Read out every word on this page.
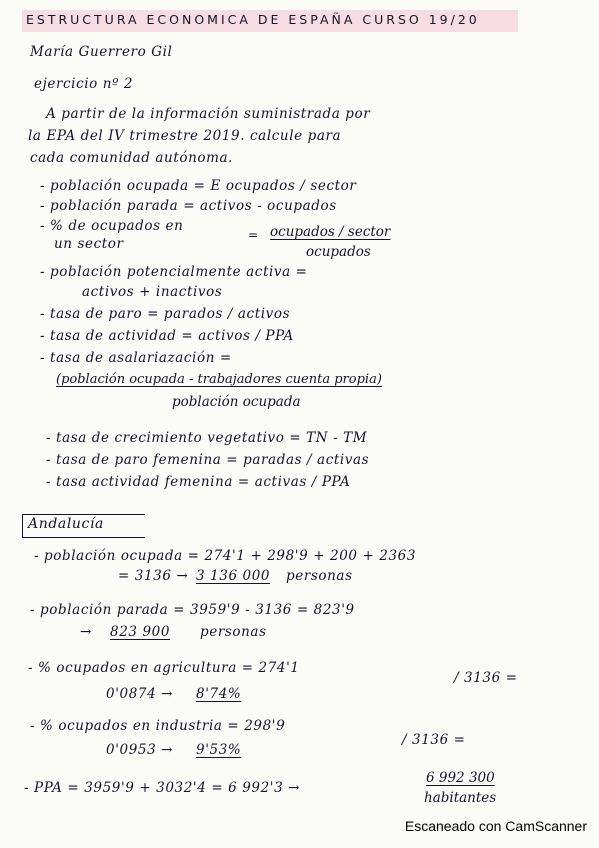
ESTRUCTURA ECONOMICA DE ESPAÑA CURSO 19/20
María Guerrero Gil
ejercicio nº 2
A partir de la información suministrada por
la EPA del IV trimestre 2019. calcule para
cada comunidad autónoma.
- población ocupada = E ocupados / sector
- población parada = activos - ocupados
- % de ocupados en
un sector
ocupados / sector
ocupados
=
- población potencialmente activa =
activos + inactivos
- tasa de paro = parados / activos
- tasa de actividad = activos / PPA
- tasa de asalariazación =
(población ocupada - trabajadores cuenta propia)
población ocupada
- tasa de crecimiento vegetativo = TN - TM
- tasa de paro femenina = paradas / activas
- tasa actividad femenina = activas / PPA
Andalucía
- población ocupada = 274'1 + 298'9 + 200 + 2363
= 3136 → 3 136 000 personas
- población parada = 3959'9 - 3136 = 823'9
→ 823 900 personas
- % ocupados en agricultura = 274'1
/ 3136 =
0'0874 → 8'74%
- % ocupados en industria = 298'9
/ 3136 =
0'0953 → 9'53%
- PPA = 3959'9 + 3032'4 = 6 992'3 →
6 992 300
habitantes
Escaneado con CamScanner
